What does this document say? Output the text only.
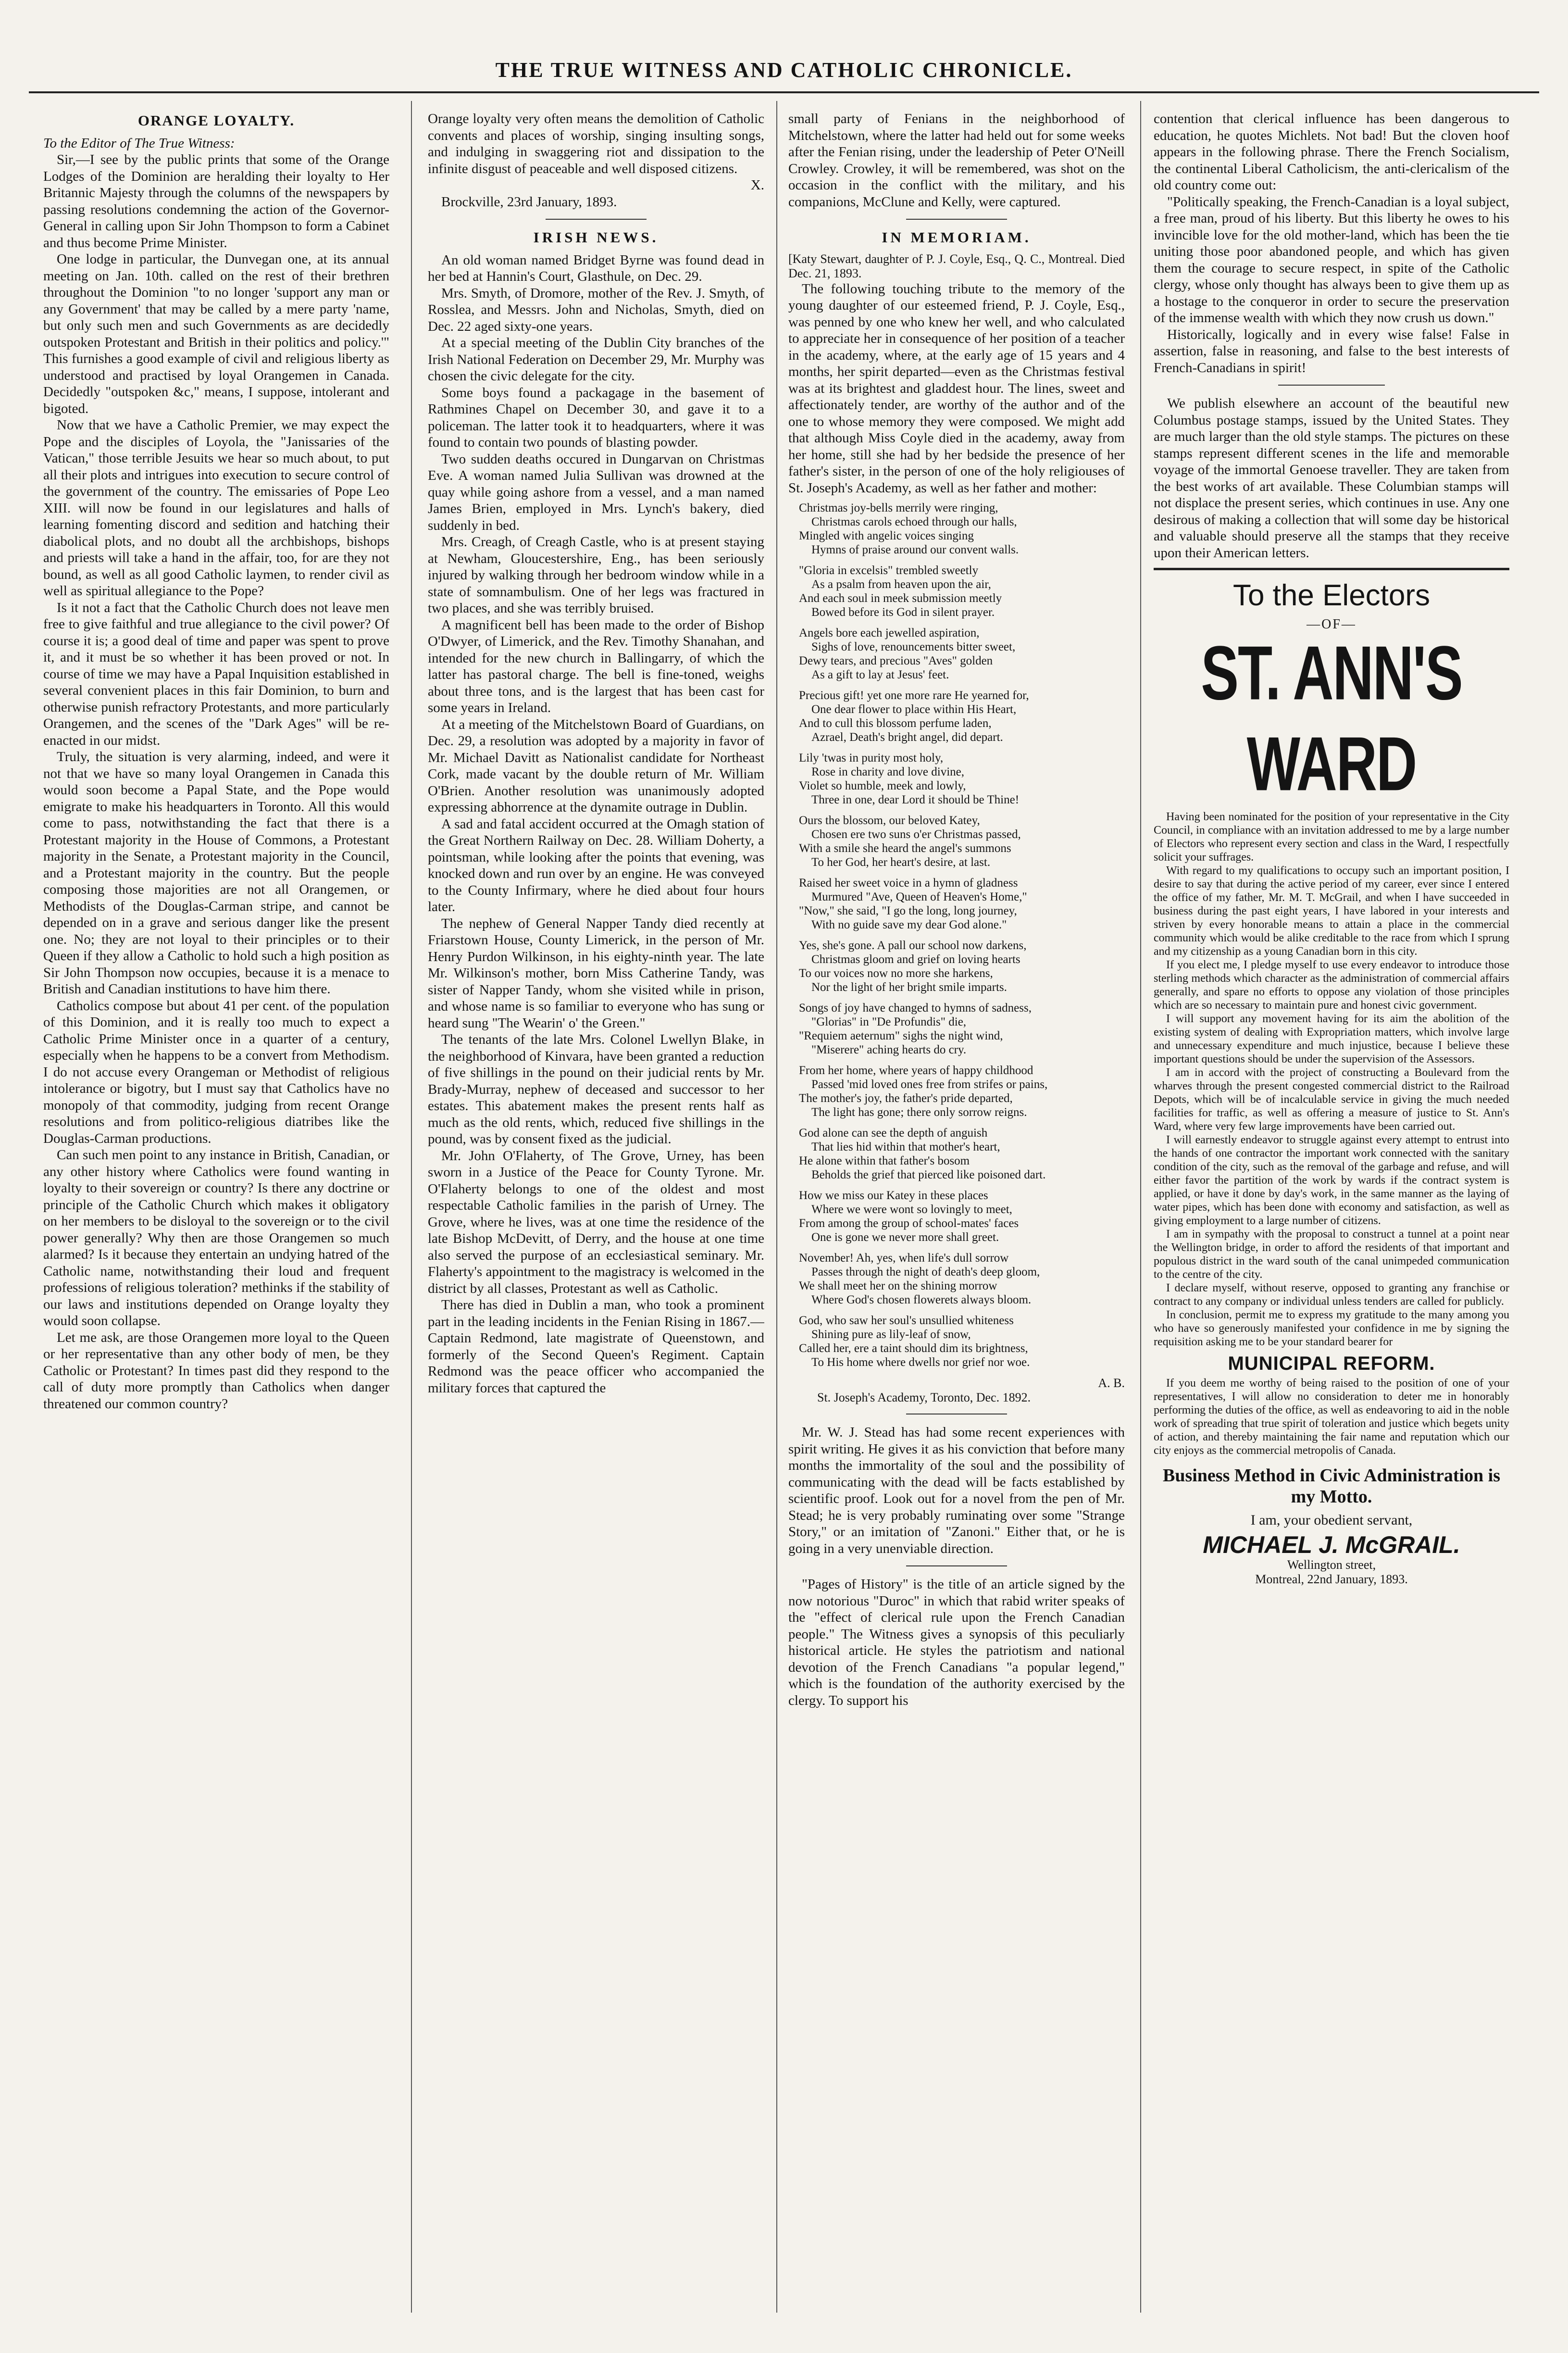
THE TRUE WITNESS AND CATHOLIC CHRONICLE.
ORANGE LOYALTY.

To the Editor of The True Witness:

Sir,—I see by the public prints that some of the Orange Lodges of the Dominion are heralding their loyalty to Her Britannic Majesty through the columns of the newspapers by passing resolutions condemning the action of the Governor-General in calling upon Sir John Thompson to form a Cabinet and thus become Prime Minister.

One lodge in particular, the Dunvegan one, at its annual meeting on Jan. 10th. called on the rest of their brethren throughout the Dominion "to no longer 'support any man or any Government' that may be called by a mere party 'name, but only such men and such Governments as are decidedly outspoken Protestant and British in their politics and policy.'" This furnishes a good example of civil and religious liberty as understood and practised by loyal Orangemen in Canada. Decidedly "outspoken &c," means, I suppose, intolerant and bigoted.

Now that we have a Catholic Premier, we may expect the Pope and the disciples of Loyola, the "Janissaries of the Vatican," those terrible Jesuits we hear so much about, to put all their plots and intrigues into execution to secure control of the government of the country. The emissaries of Pope Leo XIII. will now be found in our legislatures and halls of learning fomenting discord and sedition and hatching their diabolical plots, and no doubt all the archbishops, bishops and priests will take a hand in the affair, too, for are they not bound, as well as all good Catholic laymen, to render civil as well as spiritual allegiance to the Pope?

Is it not a fact that the Catholic Church does not leave men free to give faithful and true allegiance to the civil power? Of course it is; a good deal of time and paper was spent to prove it, and it must be so whether it has been proved or not. In course of time we may have a Papal Inquisition established in several convenient places in this fair Dominion, to burn and otherwise punish refractory Protestants, and more particularly Orangemen, and the scenes of the "Dark Ages" will be re-enacted in our midst.

Truly, the situation is very alarming, indeed, and were it not that we have so many loyal Orangemen in Canada this would soon become a Papal State, and the Pope would emigrate to make his headquarters in Toronto. All this would come to pass, notwithstanding the fact that there is a Protestant majority in the House of Commons, a Protestant majority in the Senate, a Protestant majority in the Council, and a Protestant majority in the country. But the people composing those majorities are not all Orangemen, or Methodists of the Douglas-Carman stripe, and cannot be depended on in a grave and serious danger like the present one. No; they are not loyal to their principles or to their Queen if they allow a Catholic to hold such a high position as Sir John Thompson now occupies, because it is a menace to British and Canadian institutions to have him there.

Catholics compose but about 41 per cent. of the population of this Dominion, and it is really too much to expect a Catholic Prime Minister once in a quarter of a century, especially when he happens to be a convert from Methodism. I do not accuse every Orangeman or Methodist of religious intolerance or bigotry, but I must say that Catholics have no monopoly of that commodity, judging from recent Orange resolutions and from politico-religious diatribes like the Douglas-Carman productions.

Can such men point to any instance in British, Canadian, or any other history where Catholics were found wanting in loyalty to their sovereign or country? Is there any doctrine or principle of the Catholic Church which makes it obligatory on her members to be disloyal to the sovereign or to the civil power generally? Why then are those Orangemen so much alarmed? Is it because they entertain an undying hatred of the Catholic name, notwithstanding their loud and frequent professions of religious toleration? methinks if the stability of our laws and institutions depended on Orange loyalty they would soon collapse.

Let me ask, are those Orangemen more loyal to the Queen or her representative than any other body of men, be they Catholic or Protestant? In times past did they respond to the call of duty more promptly than Catholics when danger threatened our common country?

Orange loyalty very often means the demolition of Catholic convents and places of worship, singing insulting songs, and indulging in swaggering riot and dissipation to the infinite disgust of peaceable and well disposed citizens.

X.

Brockville, 23rd January, 1893.

IRISH NEWS.

An old woman named Bridget Byrne was found dead in her bed at Hannin's Court, Glasthule, on Dec. 29.

Mrs. Smyth, of Dromore, mother of the Rev. J. Smyth, of Rosslea, and Messrs. John and Nicholas, Smyth, died on Dec. 22 aged sixty-one years.

At a special meeting of the Dublin City branches of the Irish National Federation on December 29, Mr. Murphy was chosen the civic delegate for the city.

Some boys found a packagage in the basement of Rathmines Chapel on December 30, and gave it to a policeman. The latter took it to headquarters, where it was found to contain two pounds of blasting powder.

Two sudden deaths occured in Dungarvan on Christmas Eve. A woman named Julia Sullivan was drowned at the quay while going ashore from a vessel, and a man named James Brien, employed in Mrs. Lynch's bakery, died suddenly in bed.

Mrs. Creagh, of Creagh Castle, who is at present staying at Newham, Gloucestershire, Eng., has been seriously injured by walking through her bedroom window while in a state of somnambulism. One of her legs was fractured in two places, and she was terribly bruised.

A magnificent bell has been made to the order of Bishop O'Dwyer, of Limerick, and the Rev. Timothy Shanahan, and intended for the new church in Ballingarry, of which the latter has pastoral charge. The bell is fine-toned, weighs about three tons, and is the largest that has been cast for some years in Ireland.

At a meeting of the Mitchelstown Board of Guardians, on Dec. 29, a resolution was adopted by a majority in favor of Mr. Michael Davitt as Nationalist candidate for Northeast Cork, made vacant by the double return of Mr. William O'Brien. Another resolution was unanimously adopted expressing abhorrence at the dynamite outrage in Dublin.

A sad and fatal accident occurred at the Omagh station of the Great Northern Railway on Dec. 28. William Doherty, a pointsman, while looking after the points that evening, was knocked down and run over by an engine. He was conveyed to the County Infirmary, where he died about four hours later.

The nephew of General Napper Tandy died recently at Friarstown House, County Limerick, in the person of Mr. Henry Purdon Wilkinson, in his eighty-ninth year. The late Mr. Wilkinson's mother, born Miss Catherine Tandy, was sister of Napper Tandy, whom she visited while in prison, and whose name is so familiar to everyone who has sung or heard sung "The Wearin' o' the Green."

The tenants of the late Mrs. Colonel Lwellyn Blake, in the neighborhood of Kinvara, have been granted a reduction of five shillings in the pound on their judicial rents by Mr. Brady-Murray, nephew of deceased and successor to her estates. This abatement makes the present rents half as much as the old rents, which, reduced five shillings in the pound, was by consent fixed as the judicial.

Mr. John O'Flaherty, of The Grove, Urney, has been sworn in a Justice of the Peace for County Tyrone. Mr. O'Flaherty belongs to one of the oldest and most respectable Catholic families in the parish of Urney. The Grove, where he lives, was at one time the residence of the late Bishop McDevitt, of Derry, and the house at one time also served the purpose of an ecclesiastical seminary. Mr. Flaherty's appointment to the magistracy is welcomed in the district by all classes, Protestant as well as Catholic.

There has died in Dublin a man, who took a prominent part in the leading incidents in the Fenian Rising in 1867.—Captain Redmond, late magistrate of Queenstown, and formerly of the Second Queen's Regiment. Captain Redmond was the peace officer who accompanied the military forces that captured the

small party of Fenians in the neighborhood of Mitchelstown, where the latter had held out for some weeks after the Fenian rising, under the leadership of Peter O'Neill Crowley. Crowley, it will be remembered, was shot on the occasion in the conflict with the military, and his companions, McClune and Kelly, were captured.

IN MEMORIAM.

[Katy Stewart, daughter of P. J. Coyle, Esq., Q. C., Montreal. Died Dec. 21, 1893.

The following touching tribute to the memory of the young daughter of our esteemed friend, P. J. Coyle, Esq., was penned by one who knew her well, and who calculated to appreciate her in consequence of her position of a teacher in the academy, where, at the early age of 15 years and 4 months, her spirit departed—even as the Christmas festival was at its brightest and gladdest hour. The lines, sweet and affectionately tender, are worthy of the author and of the one to whose memory they were composed. We might add that although Miss Coyle died in the academy, away from her home, still she had by her bedside the presence of her father's sister, in the person of one of the holy religiouses of St. Joseph's Academy, as well as her father and mother:

Christmas joy-bells merrily were ringing,
Christmas carols echoed through our halls,
Mingled with angelic voices singing
Hymns of praise around our convent walls.
"Gloria in excelsis" trembled sweetly
As a psalm from heaven upon the air,
And each soul in meek submission meetly
Bowed before its God in silent prayer.
Angels bore each jewelled aspiration,
Sighs of love, renouncements bitter sweet,
Dewy tears, and precious "Aves" golden
As a gift to lay at Jesus' feet.
Precious gift! yet one more rare He yearned for,
One dear flower to place within His Heart,
And to cull this blossom perfume laden,
Azrael, Death's bright angel, did depart.
Lily 'twas in purity most holy,
Rose in charity and love divine,
Violet so humble, meek and lowly,
Three in one, dear Lord it should be Thine!
Ours the blossom, our beloved Katey,
Chosen ere two suns o'er Christmas passed,
With a smile she heard the angel's summons
To her God, her heart's desire, at last.
Raised her sweet voice in a hymn of gladness
Murmured "Ave, Queen of Heaven's Home,"
"Now," she said, "I go the long, long journey,
With no guide save my dear God alone."
Yes, she's gone. A pall our school now darkens,
Christmas gloom and grief on loving hearts
To our voices now no more she harkens,
Nor the light of her bright smile imparts.
Songs of joy have changed to hymns of sadness,
"Glorias" in "De Profundis" die,
"Requiem aeternum" sighs the night wind,
"Miserere" aching hearts do cry.
From her home, where years of happy childhood
Passed 'mid loved ones free from strifes or pains,
The mother's joy, the father's pride departed,
The light has gone; there only sorrow reigns.
God alone can see the depth of anguish
That lies hid within that mother's heart,
He alone within that father's bosom
Beholds the grief that pierced like poisoned dart.
How we miss our Katey in these places
Where we were wont so lovingly to meet,
From among the group of school-mates' faces
One is gone we never more shall greet.
November! Ah, yes, when life's dull sorrow
Passes through the night of death's deep gloom,
We shall meet her on the shining morrow
Where God's chosen flowerets always bloom.
God, who saw her soul's unsullied whiteness
Shining pure as lily-leaf of snow,
Called her, ere a taint should dim its brightness,
To His home where dwells nor grief nor woe.

A. B.

St. Joseph's Academy, Toronto, Dec. 1892.

Mr. W. J. Stead has had some recent experiences with spirit writing. He gives it as his conviction that before many months the immortality of the soul and the possibility of communicating with the dead will be facts established by scientific proof. Look out for a novel from the pen of Mr. Stead; he is very probably ruminating over some "Strange Story," or an imitation of "Zanoni." Either that, or he is going in a very unenviable direction.

"Pages of History" is the title of an article signed by the now notorious "Duroc" in which that rabid writer speaks of the "effect of clerical rule upon the French Canadian people." The Witness gives a synopsis of this peculiarly historical article. He styles the patriotism and national devotion of the French Canadians "a popular legend," which is the foundation of the authority exercised by the clergy. To support his

contention that clerical influence has been dangerous to education, he quotes Michlets. Not bad! But the cloven hoof appears in the following phrase. There the French Socialism, the continental Liberal Catholicism, the anti-clericalism of the old country come out:

"Politically speaking, the French-Canadian is a loyal subject, a free man, proud of his liberty. But this liberty he owes to his invincible love for the old mother-land, which has been the tie uniting those poor abandoned people, and which has given them the courage to secure respect, in spite of the Catholic clergy, whose only thought has always been to give them up as a hostage to the conqueror in order to secure the preservation of the immense wealth with which they now crush us down."

Historically, logically and in every wise false! False in assertion, false in reasoning, and false to the best interests of French-Canadians in spirit!

We publish elsewhere an account of the beautiful new Columbus postage stamps, issued by the United States. They are much larger than the old style stamps. The pictures on these stamps represent different scenes in the life and memorable voyage of the immortal Genoese traveller. They are taken from the best works of art available. These Columbian stamps will not displace the present series, which continues in use. Any one desirous of making a collection that will some day be historical and valuable should preserve all the stamps that they receive upon their American letters.

To the Electors
—OF—
ST. ANN'S WARD

Having been nominated for the position of your representative in the City Council, in compliance with an invitation addressed to me by a large number of Electors who represent every section and class in the Ward, I respectfully solicit your suffrages.

With regard to my qualifications to occupy such an important position, I desire to say that during the active period of my career, ever since I entered the office of my father, Mr. M. T. McGrail, and when I have succeeded in business during the past eight years, I have labored in your interests and striven by every honorable means to attain a place in the commercial community which would be alike creditable to the race from which I sprung and my citizenship as a young Canadian born in this city.

If you elect me, I pledge myself to use every endeavor to introduce those sterling methods which character as the administration of commercial affairs generally, and spare no efforts to oppose any violation of those principles which are so necessary to maintain pure and honest civic government.

I will support any movement having for its aim the abolition of the existing system of dealing with Expropriation matters, which involve large and unnecessary expenditure and much injustice, because I believe these important questions should be under the supervision of the Assessors.

I am in accord with the project of constructing a Boulevard from the wharves through the present congested commercial district to the Railroad Depots, which will be of incalculable service in giving the much needed facilities for traffic, as well as offering a measure of justice to St. Ann's Ward, where very few large improvements have been carried out.

I will earnestly endeavor to struggle against every attempt to entrust into the hands of one contractor the important work connected with the sanitary condition of the city, such as the removal of the garbage and refuse, and will either favor the partition of the work by wards if the contract system is applied, or have it done by day's work, in the same manner as the laying of water pipes, which has been done with economy and satisfaction, as well as giving employment to a large number of citizens.

I am in sympathy with the proposal to construct a tunnel at a point near the Wellington bridge, in order to afford the residents of that important and populous district in the ward south of the canal unimpeded communication to the centre of the city.

I declare myself, without reserve, opposed to granting any franchise or contract to any company or individual unless tenders are called for publicly.

In conclusion, permit me to express my gratitude to the many among you who have so generously manifested your confidence in me by signing the requisition asking me to be your standard bearer for

MUNICIPAL REFORM.

If you deem me worthy of being raised to the position of one of your representatives, I will allow no consideration to deter me in honorably performing the duties of the office, as well as endeavoring to aid in the noble work of spreading that true spirit of toleration and justice which begets unity of action, and thereby maintaining the fair name and reputation which our city enjoys as the commercial metropolis of Canada.

Business Method in Civic Administration is my Motto.
I am, your obedient servant,
MICHAEL J. McGRAIL.
Wellington street,
Montreal, 22nd January, 1893.
